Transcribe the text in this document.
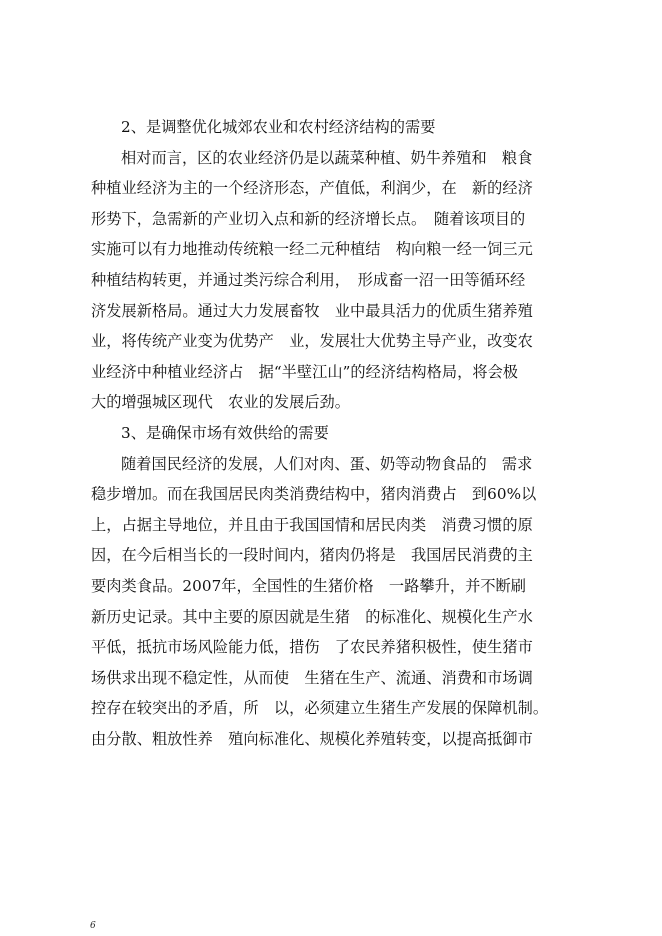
2、是调整优化城郊农业和农村经济结构的需要

相对而言，区的农业经济仍是以蔬菜种植、奶牛养殖和　粮食

种植业经济为主的一个经济形态，产值低，利润少，在　新的经济

形势下，急需新的产业切入点和新的经济增长点。　随着该项目的

实施可以有力地推动传统粮一经二元种植结　构向粮一经一饲三元

种植结构转更，并通过类污综合利用，　形成畜一沼一田等循环经

济发展新格局。通过大力发展畜牧　业中最具活力的优质生猪养殖

业，将传统产业变为优势产　业，发展壮大优势主导产业，改变农

业经济中种植业经济占　据“半壁江山”的经济结构格局，将会极

大的增强城区现代　农业的发展后劲。

3、是确保市场有效供给的需要

随着国民经济的发展，人们对肉、蛋、奶等动物食品的　需求

稳步增加。而在我国居民肉类消费结构中，猪肉消费占　到60%以

上，占据主导地位，并且由于我国国情和居民肉类　消费习惯的原

因，在今后相当长的一段时间内，猪肉仍将是　我国居民消费的主

要肉类食品。2007年，全国性的生猪价格　一路攀升，并不断刷

新历史记录。其中主要的原因就是生猪　的标准化、规模化生产水

平低，抵抗市场风险能力低，措伤　了农民养猪积极性，使生猪市

场供求出现不稳定性，从而使　生猪在生产、流通、消费和市场调

控存在较突出的矛盾，所　以，必须建立生猪生产发展的保障机制。

由分散、粗放性养　殖向标准化、规模化养殖转变，以提高抵御市

6
